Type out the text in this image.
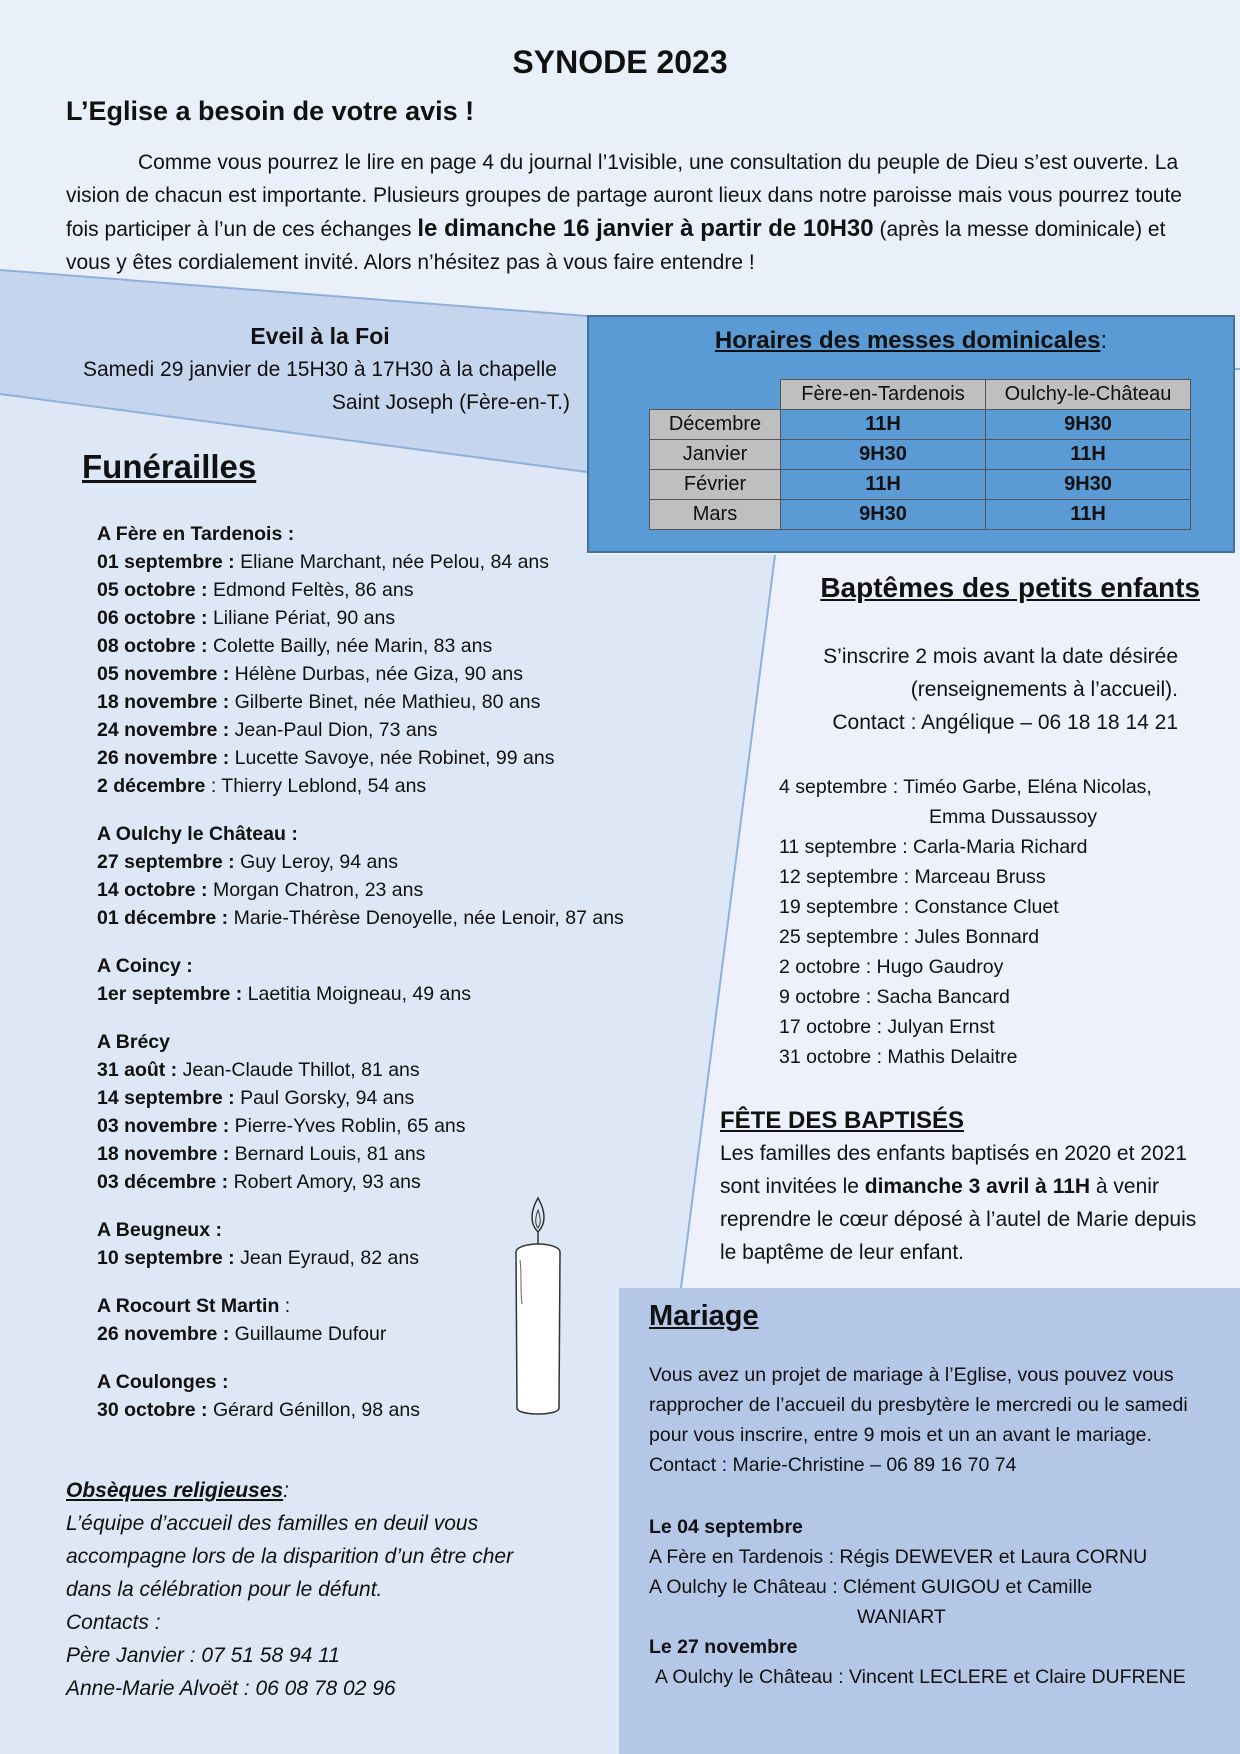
SYNODE 2023
L’Eglise a besoin de votre avis !
Comme vous pourrez le lire en page 4 du journal l’1visible, une consultation du peuple de Dieu s’est ouverte. La vision de chacun est importante. Plusieurs groupes de partage auront lieux dans notre paroisse mais vous pourrez toute fois participer à l’un de ces échanges le dimanche 16 janvier à partir de 10H30 (après la messe dominicale) et vous y êtes cordialement invité. Alors n’hésitez pas à vous faire entendre !
Eveil à la Foi
Samedi 29 janvier de 15H30 à 17H30 à la chapelle
Saint Joseph (Fère-en-T.)
Horaires des messes dominicales:
	Fère-en-Tardenois	Oulchy-le-Château
Décembre	11H	9H30
Janvier	9H30	11H
Février	11H	9H30
Mars	9H30	11H
Funérailles
A Fère en Tardenois :
01 septembre : Eliane Marchant, née Pelou, 84 ans
05 octobre : Edmond Feltès, 86 ans
06 octobre : Liliane Périat, 90 ans
08 octobre : Colette Bailly, née Marin, 83 ans
05 novembre : Hélène Durbas, née Giza, 90 ans
18 novembre : Gilberte Binet, née Mathieu, 80 ans
24 novembre : Jean-Paul Dion, 73 ans
26 novembre : Lucette Savoye, née Robinet, 99 ans
2 décembre : Thierry Leblond, 54 ans
A Oulchy le Château :
27 septembre : Guy Leroy, 94 ans
14 octobre : Morgan Chatron, 23 ans
01 décembre : Marie-Thérèse Denoyelle, née Lenoir, 87 ans
A Coincy :
1er septembre : Laetitia Moigneau, 49 ans
A Brécy
31 août : Jean-Claude Thillot, 81 ans
14 septembre : Paul Gorsky, 94 ans
03 novembre : Pierre-Yves Roblin, 65 ans
18 novembre : Bernard Louis, 81 ans
03 décembre : Robert Amory, 93 ans
A Beugneux :
10 septembre : Jean Eyraud, 82 ans
A Rocourt St Martin :
26 novembre : Guillaume Dufour
A Coulonges :
30 octobre : Gérard Génillon, 98 ans
Obsèques religieuses:
L’équipe d’accueil des familles en deuil vous
accompagne lors de la disparition d’un être cher
dans la célébration pour le défunt.
Contacts :
Père Janvier : 07 51 58 94 11
Anne-Marie Alvoët : 06 08 78 02 96
Baptêmes des petits enfants
S’inscrire 2 mois avant la date désirée
(renseignements à l’accueil).
Contact : Angélique – 06 18 18 14 21
4 septembre : Timéo Garbe, Eléna Nicolas,
Emma Dussaussoy
11 septembre : Carla-Maria Richard
12 septembre : Marceau Bruss
19 septembre : Constance Cluet
25 septembre : Jules Bonnard
2 octobre : Hugo Gaudroy
9 octobre : Sacha Bancard
17 octobre : Julyan Ernst
31 octobre : Mathis Delaitre
FÊTE DES BAPTISÉS
Les familles des enfants baptisés en 2020 et 2021 sont invitées le dimanche 3 avril à 11H à venir reprendre le cœur déposé à l’autel de Marie depuis le baptême de leur enfant.
Mariage
Vous avez un projet de mariage à l’Eglise, vous pouvez vous rapprocher de l’accueil du presbytère le mercredi ou le samedi pour vous inscrire, entre 9 mois et un an avant le mariage. Contact : Marie-Christine – 06 89 16 70 74
Le 04 septembre
A Fère en Tardenois : Régis DEWEVER et Laura CORNU
A Oulchy le Château : Clément GUIGOU et Camille
WANIART
Le 27 novembre
A Oulchy le Château : Vincent LECLERE et Claire DUFRENE
